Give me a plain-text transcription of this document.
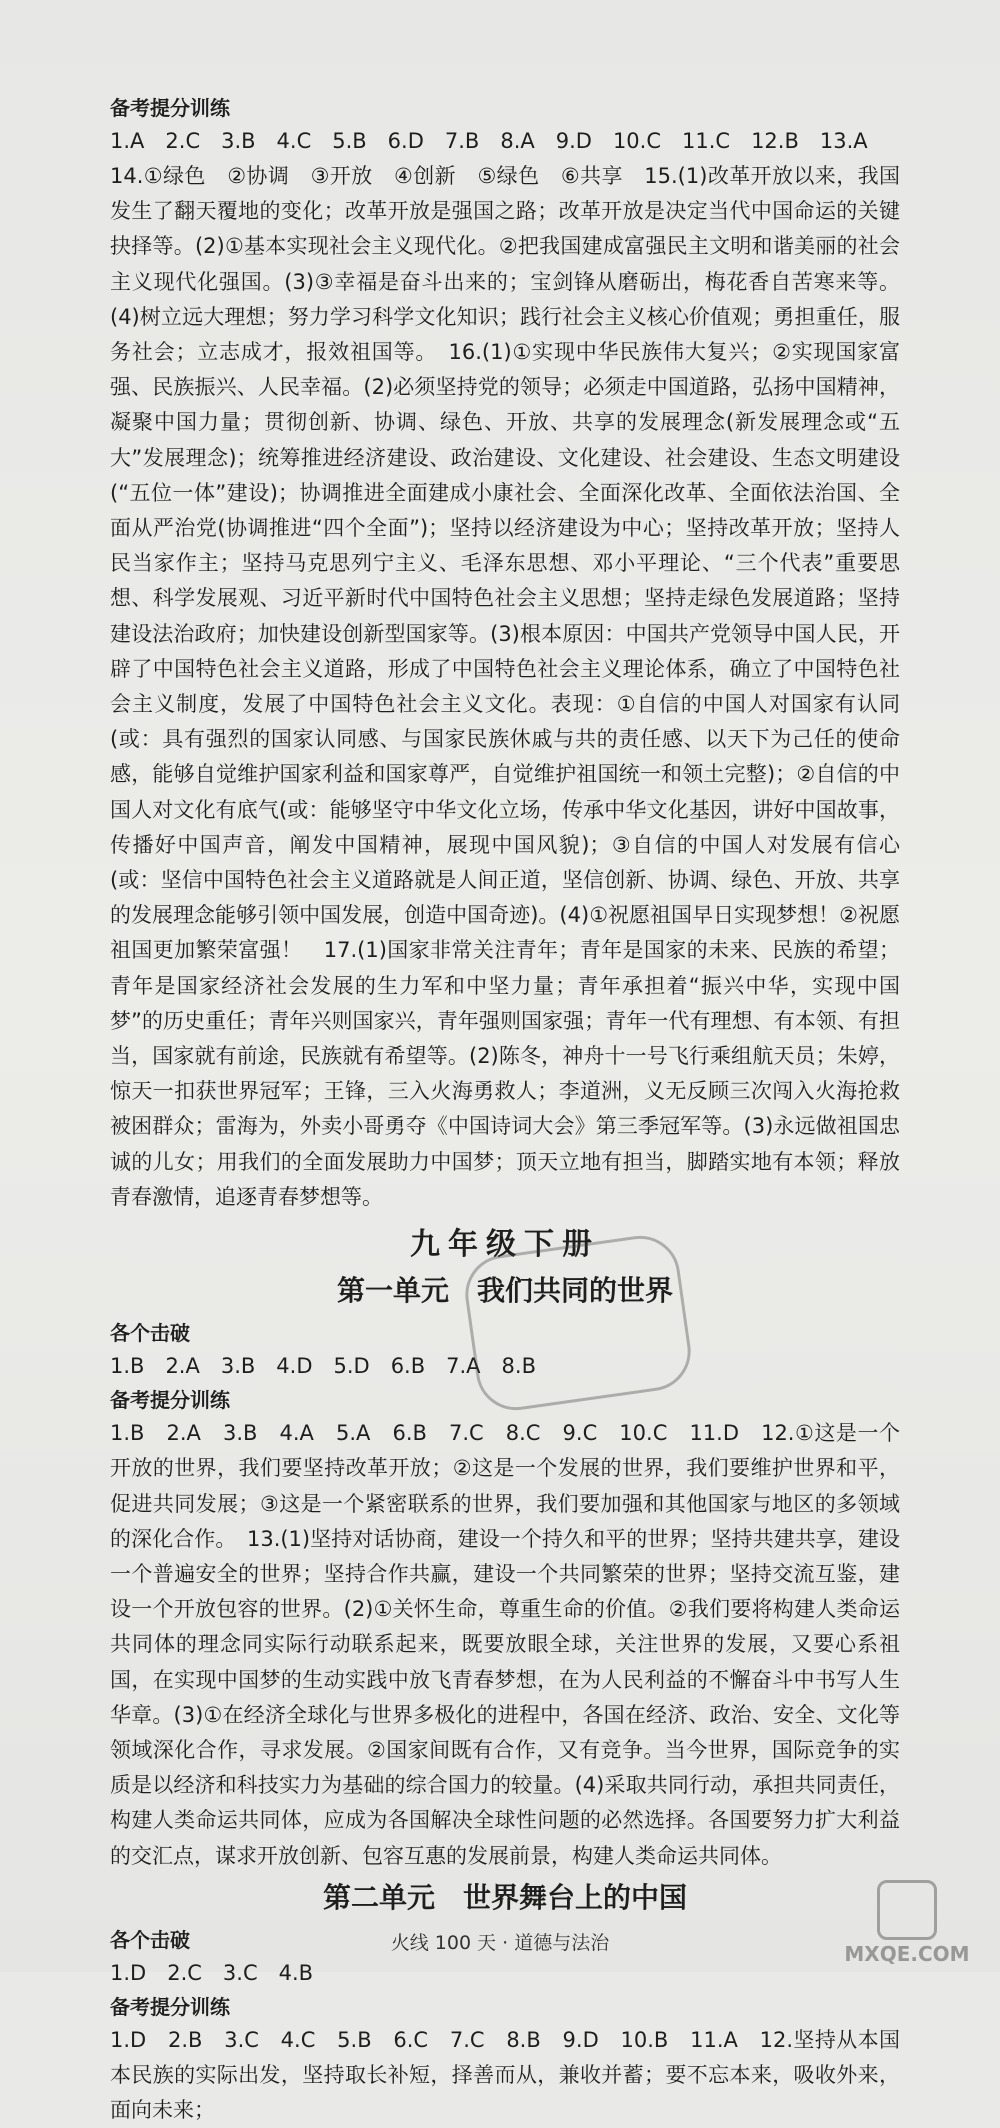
备考提分训练

1.A　2.C　3.B　4.C　5.B　6.D　7.B　8.A　9.D　10.C　11.C　12.B　13.A

14.①绿色　②协调　③开放　④创新　⑤绿色　⑥共享　15.(1)改革开放以来，我国发生了翻天覆地的变化；改革开放是强国之路；改革开放是决定当代中国命运的关键抉择等。(2)①基本实现社会主义现代化。②把我国建成富强民主文明和谐美丽的社会主义现代化强国。(3)③幸福是奋斗出来的；宝剑锋从磨砺出，梅花香自苦寒来等。(4)树立远大理想；努力学习科学文化知识；践行社会主义核心价值观；勇担重任，服务社会；立志成才，报效祖国等。　16.(1)①实现中华民族伟大复兴；②实现国家富强、民族振兴、人民幸福。(2)必须坚持党的领导；必须走中国道路，弘扬中国精神，凝聚中国力量；贯彻创新、协调、绿色、开放、共享的发展理念(新发展理念或“五大”发展理念)；统筹推进经济建设、政治建设、文化建设、社会建设、生态文明建设(“五位一体”建设)；协调推进全面建成小康社会、全面深化改革、全面依法治国、全面从严治党(协调推进“四个全面”)；坚持以经济建设为中心；坚持改革开放；坚持人民当家作主；坚持马克思列宁主义、毛泽东思想、邓小平理论、“三个代表”重要思想、科学发展观、习近平新时代中国特色社会主义思想；坚持走绿色发展道路；坚持建设法治政府；加快建设创新型国家等。(3)根本原因：中国共产党领导中国人民，开辟了中国特色社会主义道路，形成了中国特色社会主义理论体系，确立了中国特色社会主义制度，发展了中国特色社会主义文化。表现：①自信的中国人对国家有认同(或：具有强烈的国家认同感、与国家民族休戚与共的责任感、以天下为己任的使命感，能够自觉维护国家利益和国家尊严，自觉维护祖国统一和领土完整)；②自信的中国人对文化有底气(或：能够坚守中华文化立场，传承中华文化基因，讲好中国故事，传播好中国声音，阐发中国精神，展现中国风貌)；③自信的中国人对发展有信心(或：坚信中国特色社会主义道路就是人间正道，坚信创新、协调、绿色、开放、共享的发展理念能够引领中国发展，创造中国奇迹)。(4)①祝愿祖国早日实现梦想！②祝愿祖国更加繁荣富强！　17.(1)国家非常关注青年；青年是国家的未来、民族的希望；青年是国家经济社会发展的生力军和中坚力量；青年承担着“振兴中华，实现中国梦”的历史重任；青年兴则国家兴，青年强则国家强；青年一代有理想、有本领、有担当，国家就有前途，民族就有希望等。(2)陈冬，神舟十一号飞行乘组航天员；朱婷，惊天一扣获世界冠军；王锋，三入火海勇救人；李道洲，义无反顾三次闯入火海抢救被困群众；雷海为，外卖小哥勇夺《中国诗词大会》第三季冠军等。(3)永远做祖国忠诚的儿女；用我们的全面发展助力中国梦；顶天立地有担当，脚踏实地有本领；释放青春激情，追逐青春梦想等。

九年级下册
第一单元　我们共同的世界
各个击破

1.B　2.A　3.B　4.D　5.D　6.B　7.A　8.B

备考提分训练

1.B　2.A　3.B　4.A　5.A　6.B　7.C　8.C　9.C　10.C　11.D　12.①这是一个开放的世界，我们要坚持改革开放；②这是一个发展的世界，我们要维护世界和平，促进共同发展；③这是一个紧密联系的世界，我们要加强和其他国家与地区的多领域的深化合作。　13.(1)坚持对话协商，建设一个持久和平的世界；坚持共建共享，建设一个普遍安全的世界；坚持合作共赢，建设一个共同繁荣的世界；坚持交流互鉴，建设一个开放包容的世界。(2)①关怀生命，尊重生命的价值。②我们要将构建人类命运共同体的理念同实际行动联系起来，既要放眼全球，关注世界的发展，又要心系祖国，在实现中国梦的生动实践中放飞青春梦想，在为人民利益的不懈奋斗中书写人生华章。(3)①在经济全球化与世界多极化的进程中，各国在经济、政治、安全、文化等领域深化合作，寻求发展。②国家间既有合作，又有竞争。当今世界，国际竞争的实质是以经济和科技实力为基础的综合国力的较量。(4)采取共同行动，承担共同责任，构建人类命运共同体，应成为各国解决全球性问题的必然选择。各国要努力扩大利益的交汇点，谋求开放创新、包容互惠的发展前景，构建人类命运共同体。

第二单元　世界舞台上的中国
各个击破

1.D　2.C　3.C　4.B

备考提分训练

1.D　2.B　3.C　4.C　5.B　6.C　7.C　8.B　9.D　10.B　11.A　12.坚持从本国本民族的实际出发，坚持取长补短，择善而从，兼收并蓄；要不忘本来，吸收外来，面向未来；

火线 100 天 · 道德与法治	MXQE.COM
